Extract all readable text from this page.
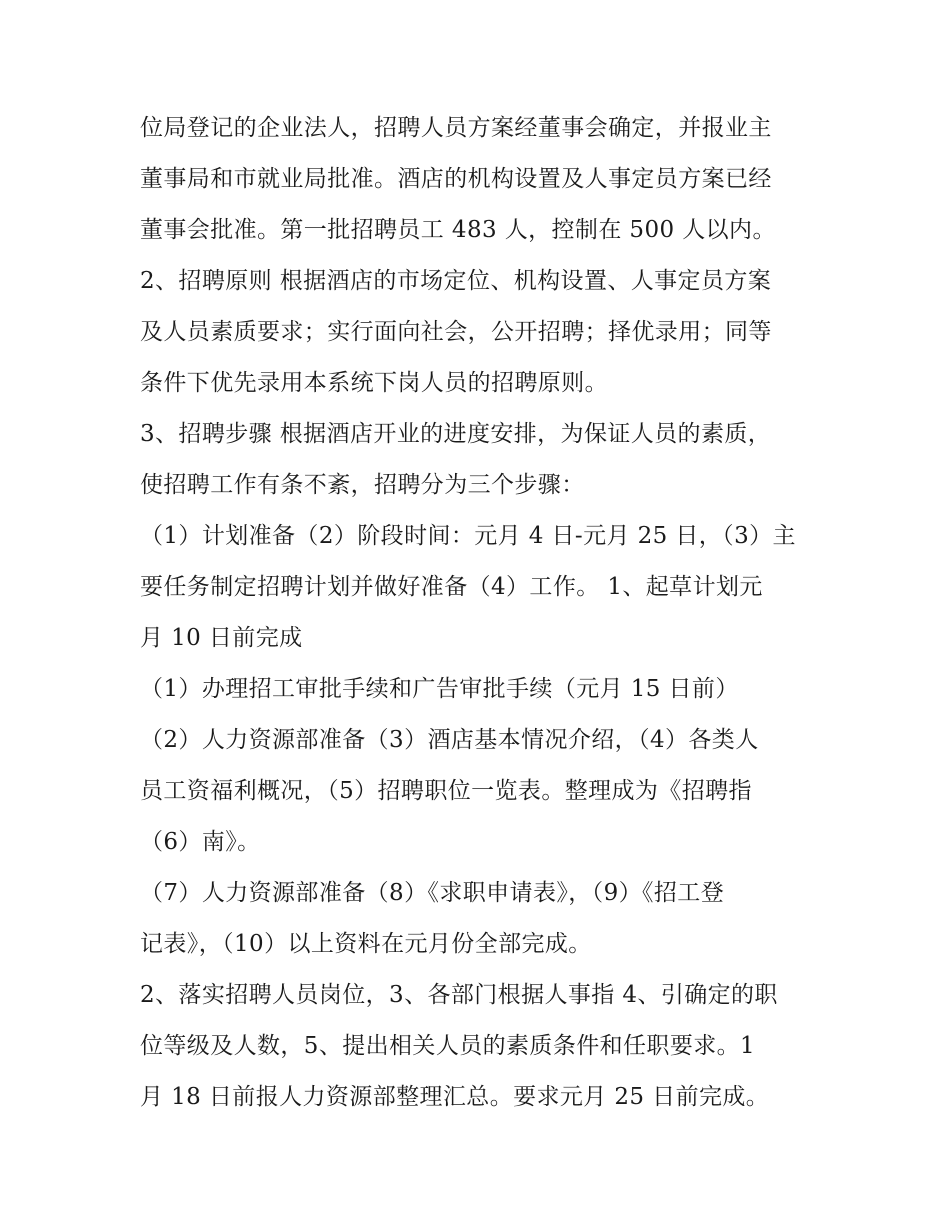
位局登记的企业法人，招聘人员方案经董事会确定，并报业主
董事局和市就业局批准。酒店的机构设置及人事定员方案已经
董事会批准。第一批招聘员工 483 人，控制在 500 人以内。
2、招聘原则 根据酒店的市场定位、机构设置、人事定员方案
及人员素质要求；实行面向社会，公开招聘；择优录用；同等
条件下优先录用本系统下岗人员的招聘原则。
3、招聘步骤 根据酒店开业的进度安排，为保证人员的素质，
使招聘工作有条不紊，招聘分为三个步骤：
（1）计划准备（2）阶段时间：元月 4 日-元月 25 日，（3）主
要任务制定招聘计划并做好准备（4）工作。 1、起草计划元
月 10 日前完成
（1）办理招工审批手续和广告审批手续（元月 15 日前）
（2）人力资源部准备（3）酒店基本情况介绍，（4）各类人
员工资福利概况，（5）招聘职位一览表。整理成为《招聘指
（6）南》。
（7）人力资源部准备（8）《求职申请表》，（9）《招工登
记表》，（10）以上资料在元月份全部完成。
2、落实招聘人员岗位，3、各部门根据人事指 4、引确定的职
位等级及人数，5、提出相关人员的素质条件和任职要求。1
月 18 日前报人力资源部整理汇总。要求元月 25 日前完成。
